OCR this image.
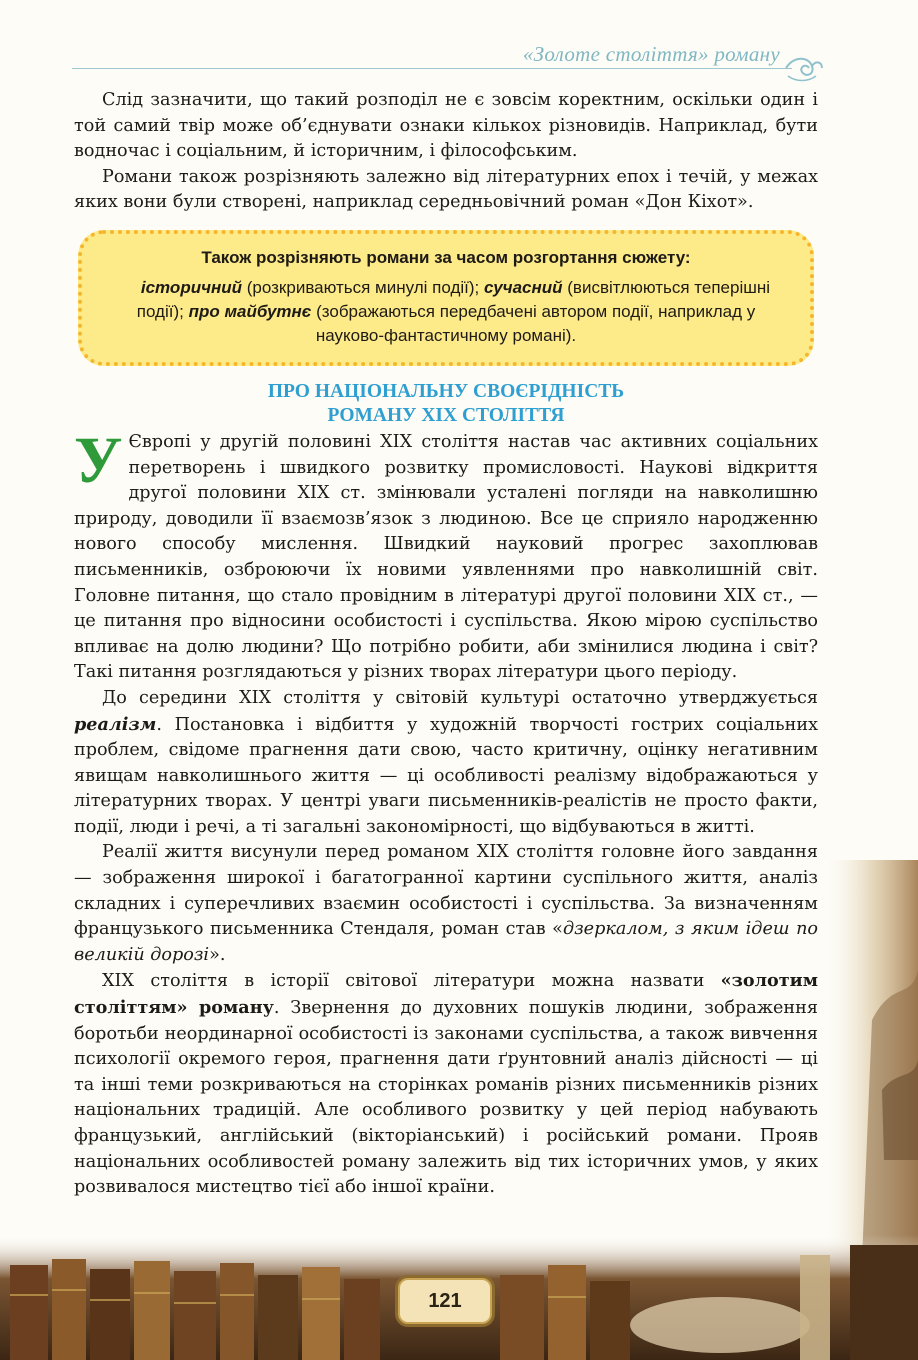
«Золоте століття» роману

Слід зазначити, що такий розподіл не є зовсім коректним, оскільки один і той самий твір може об’єднувати ознаки кількох різновидів. Наприклад, бути водночас і соціальним, й історичним, і філософським.

Романи також розрізняють залежно від літературних епох і течій, у межах яких вони були створені, наприклад середньовічний роман «Дон Кіхот».

Також розрізняють романи за часом розгортання сюжету:
історичний (розкриваються минулі події); сучасний (висвітлюються теперішні події); про майбутнє (зображаються передбачені автором події, наприклад у науково-фантастичному романі).
ПРО НАЦІОНАЛЬНУ СВОЄРІДНІСТЬ
РОМАНУ ХІХ СТОЛІТТЯ

У Європі у другій половині ХІХ століття настав час активних соціальних перетворень і швидкого розвитку промисловості. Наукові відкриття другої половини ХІХ ст. змінювали усталені погляди на навколишню природу, доводили її взаємозв’язок з людиною. Все це сприяло народженню нового способу мислення. Швидкий науковий прогрес захоплював письменників, озброюючи їх новими уявленнями про навколишній світ. Головне питання, що стало провідним в літературі другої половини ХІХ ст., — це питання про відносини особистості і суспільства. Якою мірою суспільство впливає на долю людини? Що потрібно робити, аби змінилися людина і світ? Такі питання розглядаються у різних творах літератури цього періоду.

До середини ХІХ століття у світовій культурі остаточно утверджується реалізм. Постановка і відбиття у художній творчості гострих соціальних проблем, свідоме прагнення дати свою, часто критичну, оцінку негативним явищам навколишнього життя — ці особливості реалізму відображаються у літературних творах. У центрі уваги письменників-реалістів не просто факти, події, люди і речі, а ті загальні закономірності, що відбуваються в житті.

Реалії життя висунули перед романом ХІХ століття головне його завдання — зображення широкої і багатогранної картини суспільного життя, аналіз складних і суперечливих взаємин особистості і суспільства. За визначенням французького письменника Стендаля, роман став «дзеркалом, з яким ідеш по великій дорозі».

ХІХ століття в історії світової літератури можна назвати «золотим століттям» роману. Звернення до духовних пошуків людини, зображення боротьби неординарної особистості із законами суспільства, а також вивчення психології окремого героя, прагнення дати ґрунтовний аналіз дійсності — ці та інші теми розкриваються на сторінках романів різних письменників різних національних традицій. Але особливого розвитку у цей період набувають французький, англійський (вікторіанський) і російський романи. Прояв національних особливостей роману залежить від тих історичних умов, у яких розвивалося мистецтво тієї або іншої країни.

121
